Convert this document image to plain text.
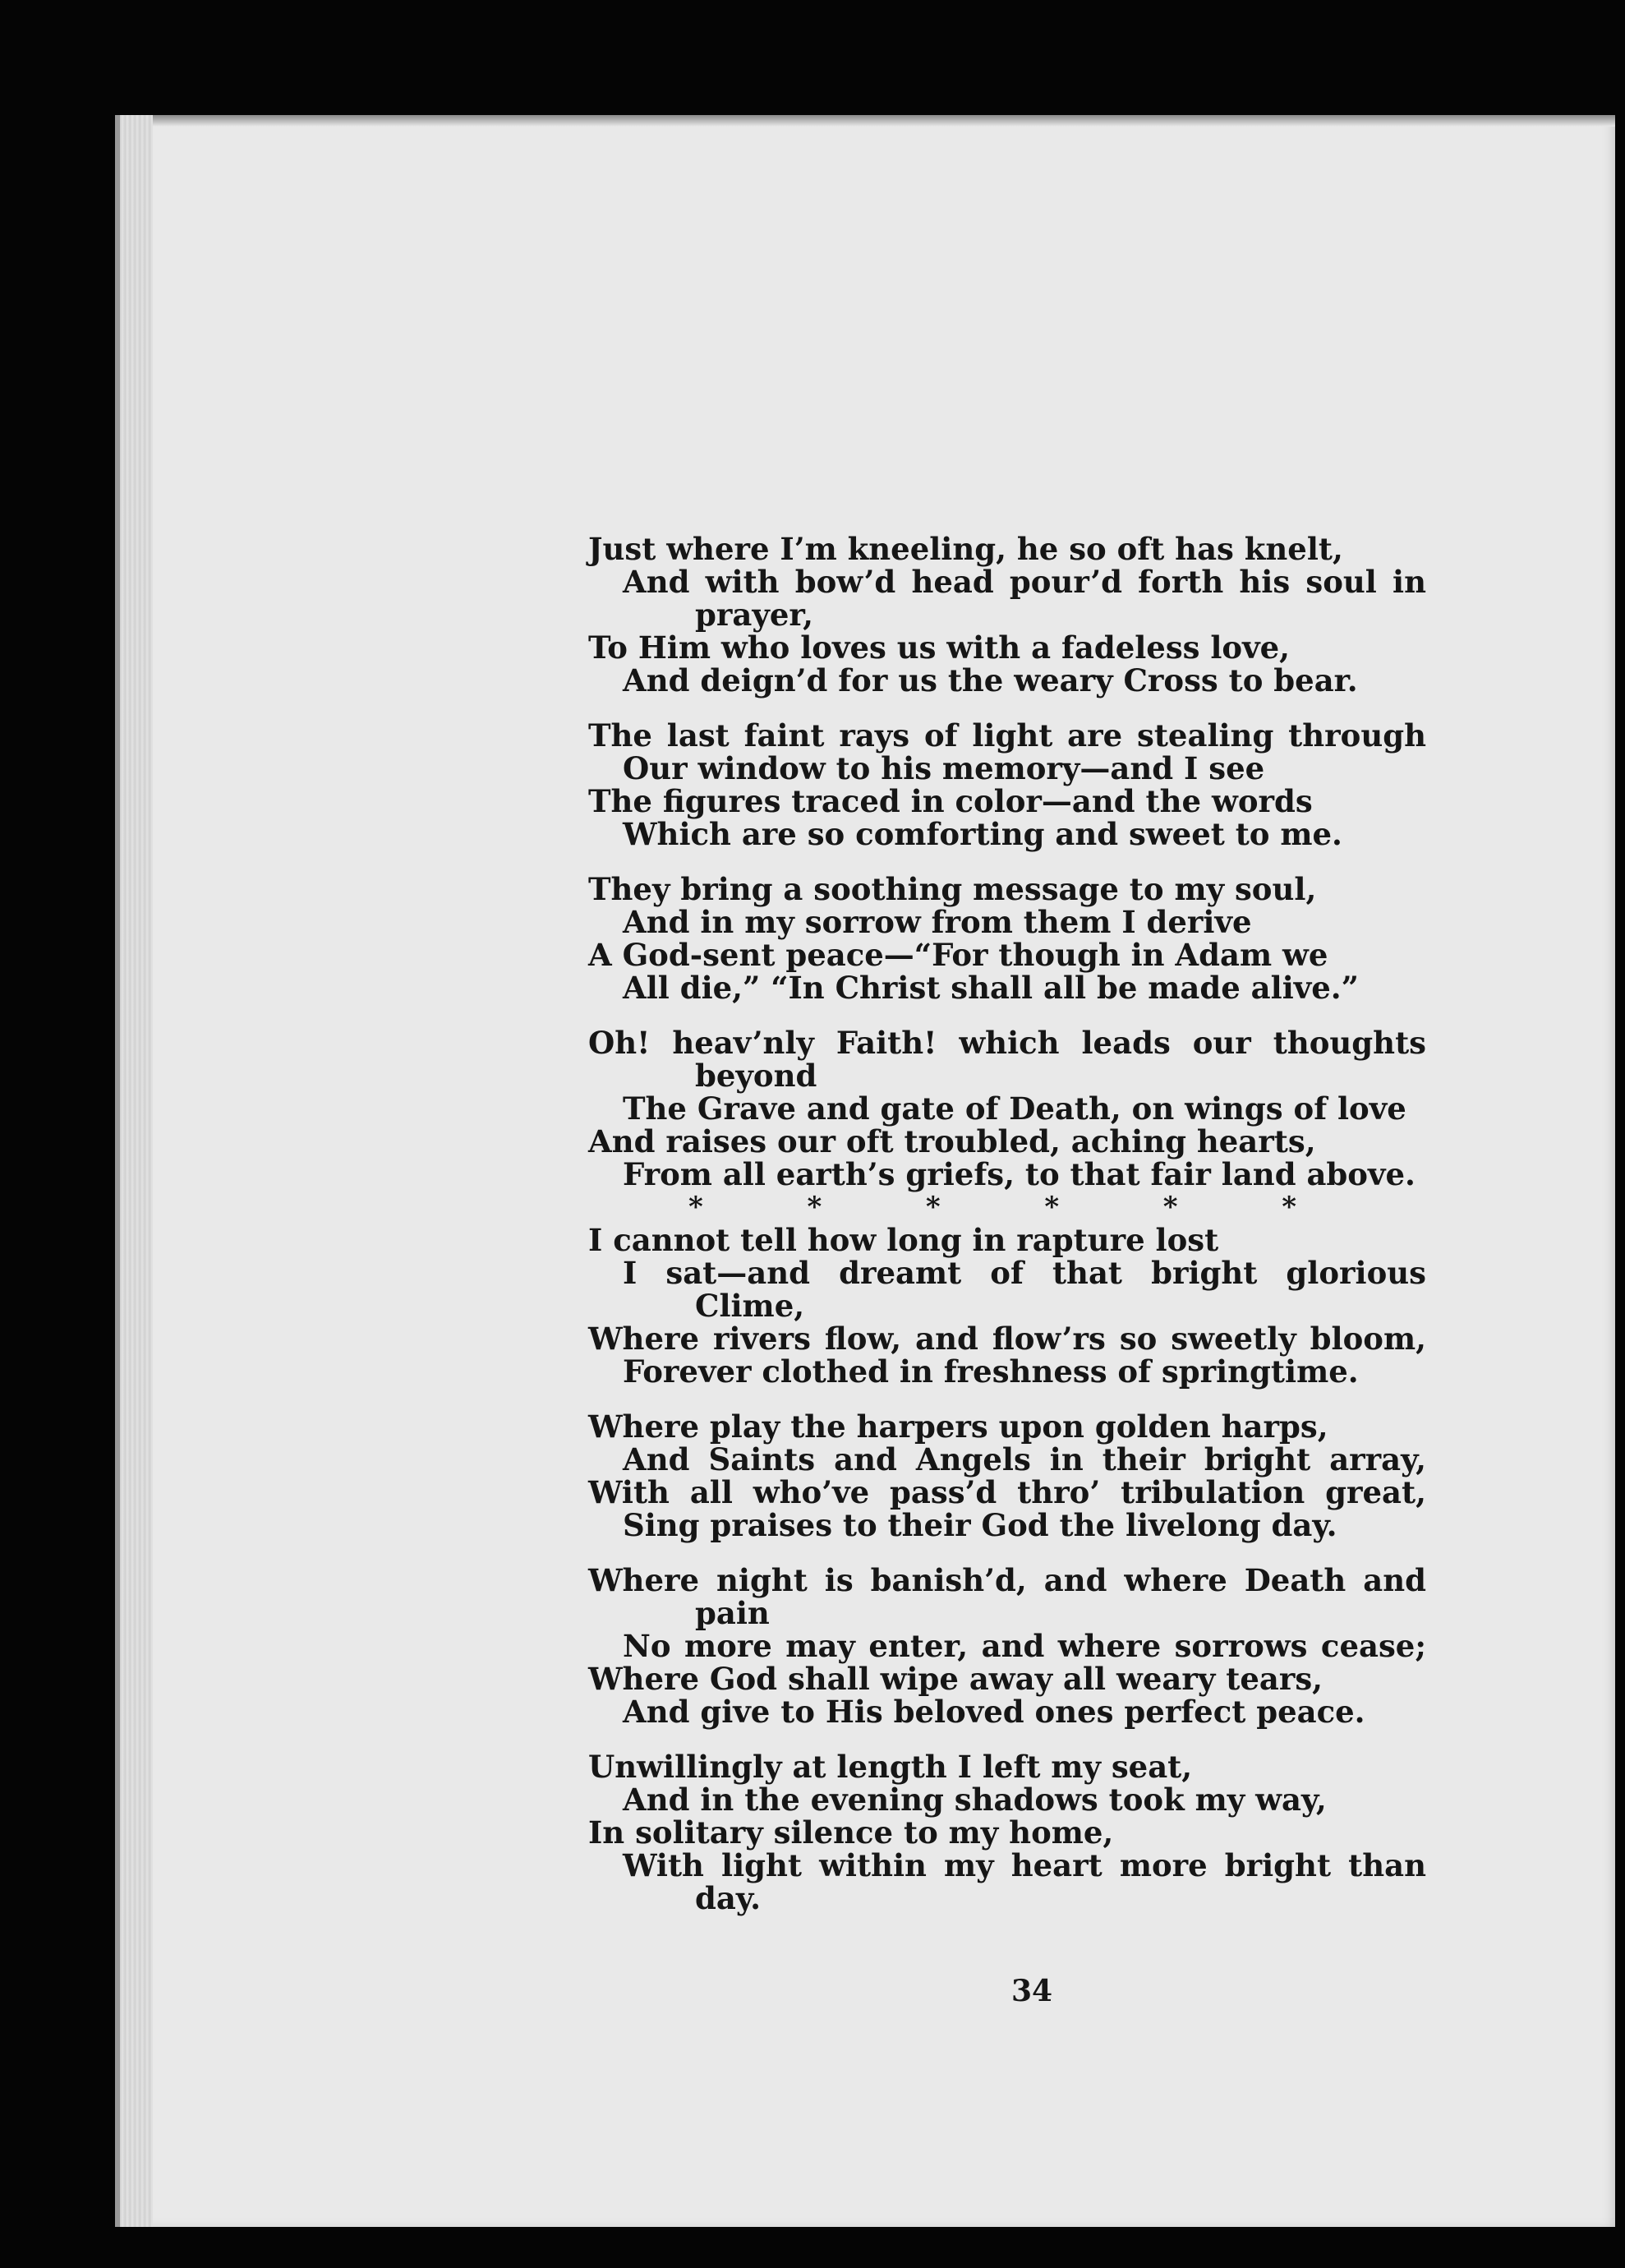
Just where I’m kneeling, he so oft has knelt,
And with bow’d head pour’d forth his soul in
prayer,
To Him who loves us with a fadeless love,
And deign’d for us the weary Cross to bear.
The last faint rays of light are stealing through
Our window to his memory—and I see
The figures traced in color—and the words
Which are so comforting and sweet to me.
They bring a soothing message to my soul,
And in my sorrow from them I derive
A God-sent peace—“For though in Adam we
All die,” “In Christ shall all be made alive.”
Oh! heav’nly Faith! which leads our thoughts
beyond
The Grave and gate of Death, on wings of love
And raises our oft troubled, aching hearts,
From all earth’s griefs, to that fair land above.
*	*	*	*	*	*
I cannot tell how long in rapture lost
I sat—and dreamt of that bright glorious
Clime,
Where rivers flow, and flow’rs so sweetly bloom,
Forever clothed in freshness of springtime.
Where play the harpers upon golden harps,
And Saints and Angels in their bright array,
With all who’ve pass’d thro’ tribulation great,
Sing praises to their God the livelong day.
Where night is banish’d, and where Death and
pain
No more may enter, and where sorrows cease;
Where God shall wipe away all weary tears,
And give to His beloved ones perfect peace.
Unwillingly at length I left my seat,
And in the evening shadows took my way,
In solitary silence to my home,
With light within my heart more bright than
day.
34
